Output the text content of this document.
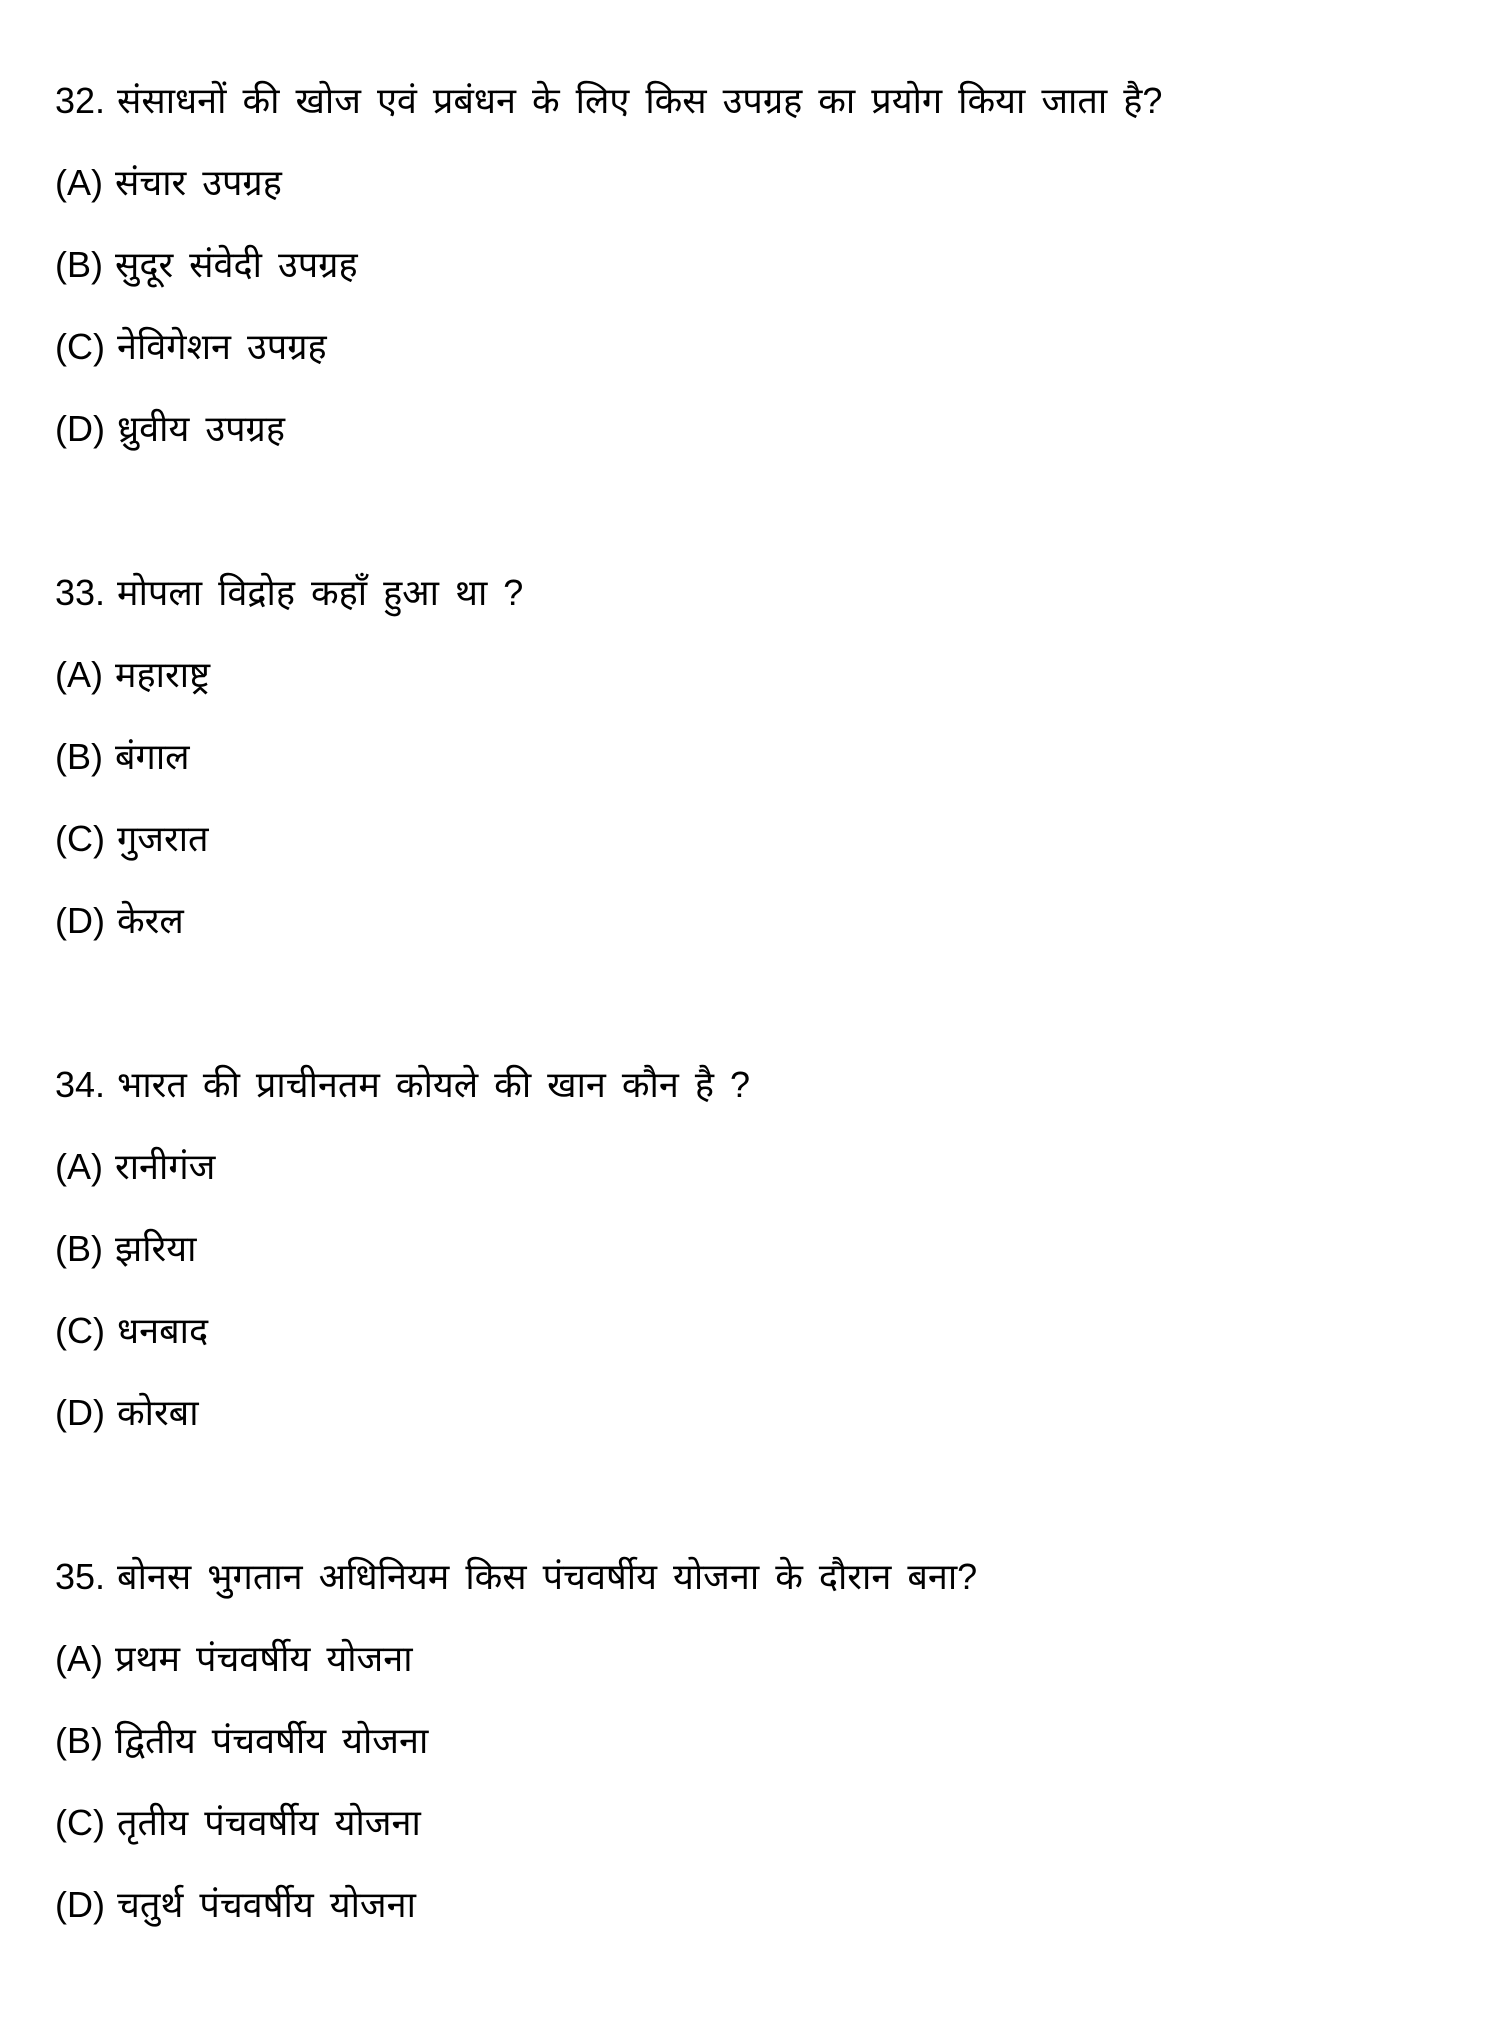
32. संसाधनों की खोज एवं प्रबंधन के लिए किस उपग्रह का प्रयोग किया जाता है?
(A) संचार उपग्रह
(B) सुदूर संवेदी उपग्रह
(C) नेविगेशन उपग्रह
(D) ध्रुवीय उपग्रह
33. मोपला विद्रोह कहाँ हुआ था ?
(A) महाराष्ट्र
(B) बंगाल
(C) गुजरात
(D) केरल
34. भारत की प्राचीनतम कोयले की खान कौन है ?
(A) रानीगंज
(B) झरिया
(C) धनबाद
(D) कोरबा
35. बोनस भुगतान अधिनियम किस पंचवर्षीय योजना के दौरान बना?
(A) प्रथम पंचवर्षीय योजना
(B) द्वितीय पंचवर्षीय योजना
(C) तृतीय पंचवर्षीय योजना
(D) चतुर्थ पंचवर्षीय योजना
